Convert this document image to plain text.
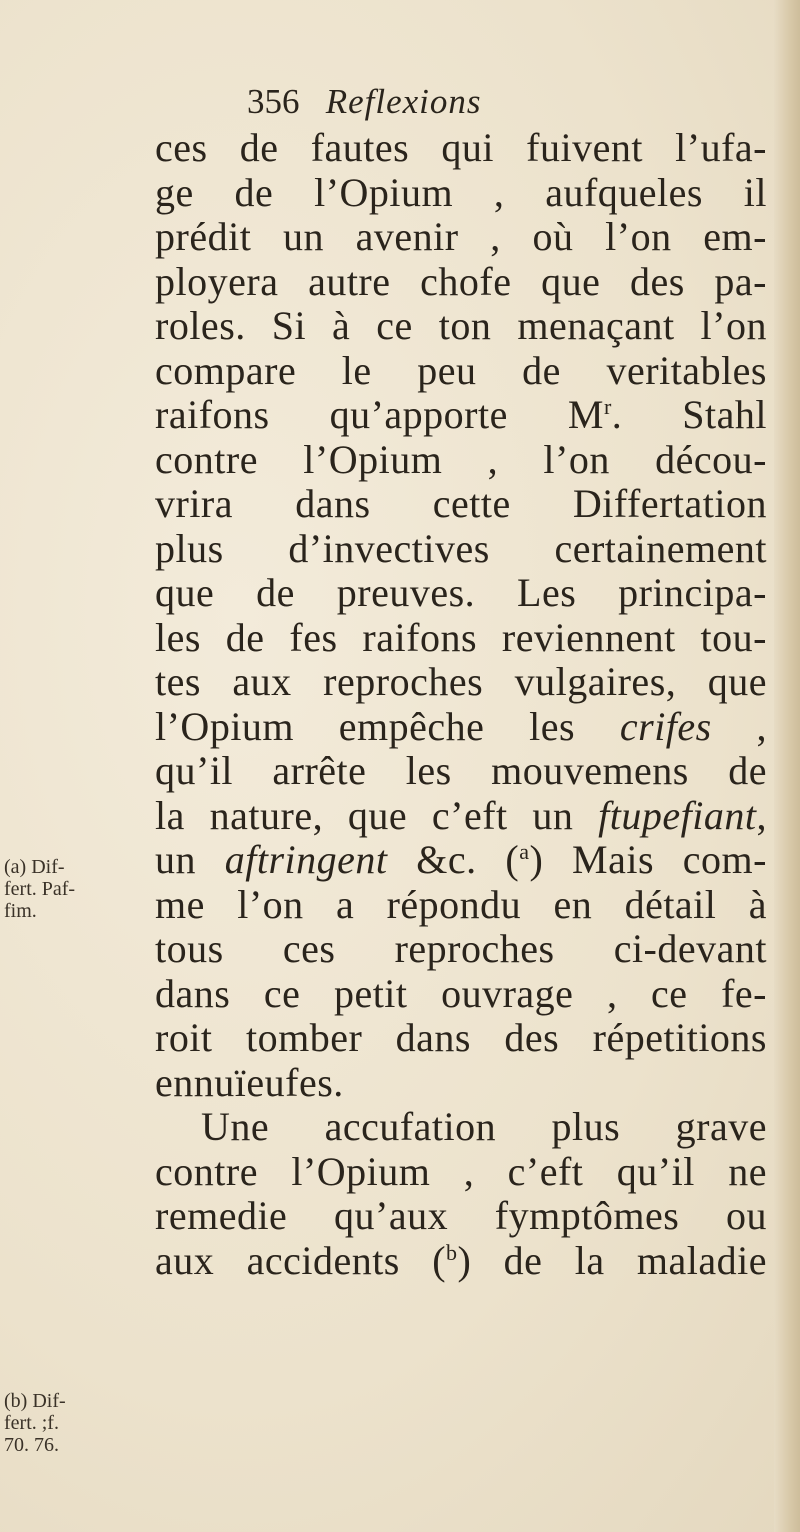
356 Reflexions
ces de fautes qui fuivent l’ufa-
ge de l’Opium , aufqueles il
prédit un avenir , où l’on em-
ployera autre chofe que des pa-
roles. Si à ce ton menaçant l’on
compare le peu de veritables
raifons qu’apporte $M^r$. Stahl
contre l’Opium , l’on décou-
vrira dans cette Differtation
plus d’invectives certainement
que de preuves. Les principa-
les de fes raifons reviennent tou-
tes aux reproches vulgaires, que
l’Opium empêche les crifes ,
qu’il arrête les mouvemens de
la nature, que c’eft un ftupefiant,
un aftringent &c. ($^a$) Mais com-
me l’on a répondu en détail à
tous ces reproches ci-devant
dans ce petit ouvrage , ce fe-
roit tomber dans des répetitions
ennuïeufes.
Une accufation plus grave
contre l’Opium , c’eft qu’il ne
remedie qu’aux fymptômes ou
aux accidents ($^b$) de la maladie
(a) Dif-
fert. Paf-
fim.
(b) Dif-
fert. ;f.
70. 76.
